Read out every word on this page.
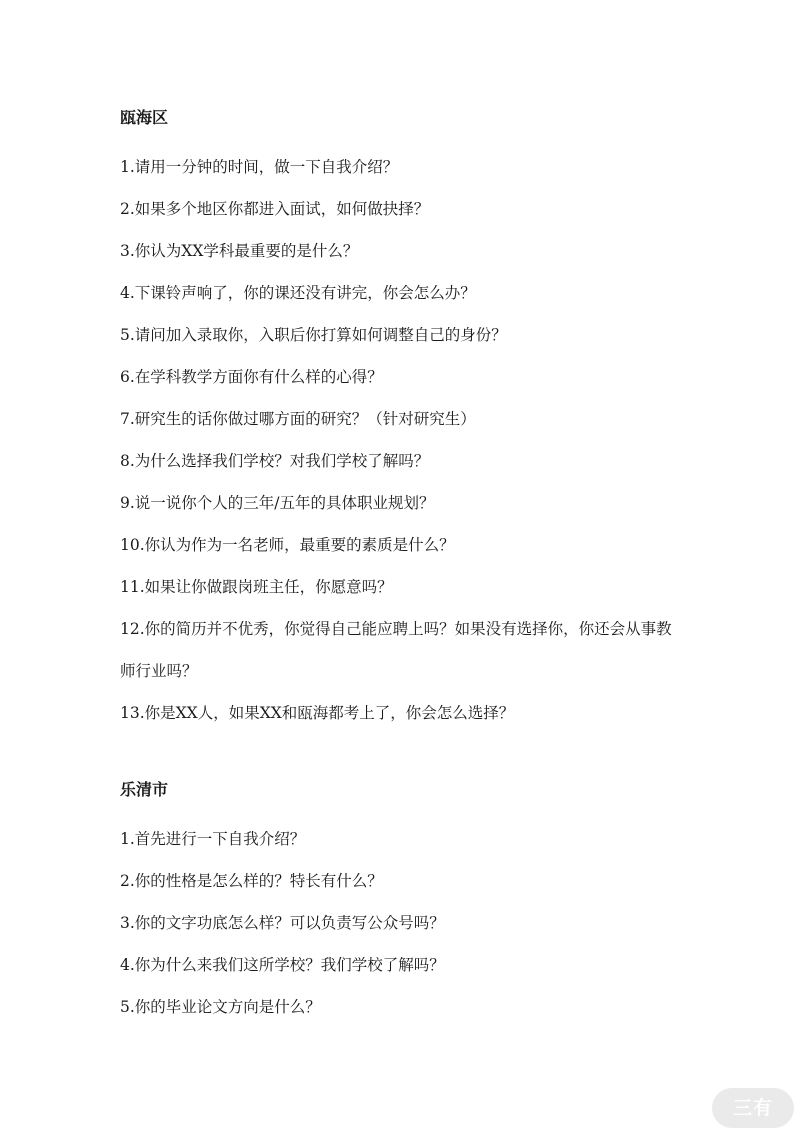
瓯海区
1.请用一分钟的时间，做一下自我介绍？
2.如果多个地区你都进入面试，如何做抉择？
3.你认为XX学科最重要的是什么？
4.下课铃声响了，你的课还没有讲完，你会怎么办？
5.请问加入录取你，入职后你打算如何调整自己的身份？
6.在学科教学方面你有什么样的心得？
7.研究生的话你做过哪方面的研究？（针对研究生）
8.为什么选择我们学校？对我们学校了解吗？
9.说一说你个人的三年/五年的具体职业规划？
10.你认为作为一名老师，最重要的素质是什么？
11.如果让你做跟岗班主任，你愿意吗？
12.你的简历并不优秀，你觉得自己能应聘上吗？如果没有选择你，你还会从事教师行业吗？
13.你是XX人，如果XX和瓯海都考上了，你会怎么选择？
乐清市
1.首先进行一下自我介绍？
2.你的性格是怎么样的？特长有什么？
3.你的文字功底怎么样？可以负责写公众号吗？
4.你为什么来我们这所学校？我们学校了解吗？
5.你的毕业论文方向是什么？
三有
